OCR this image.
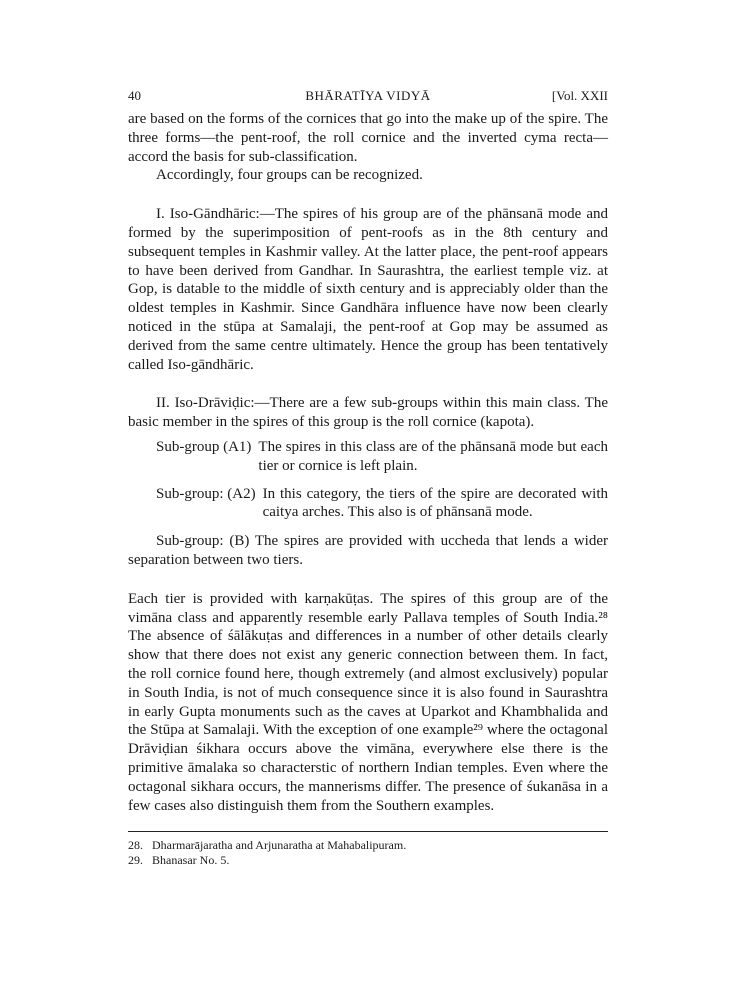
40	BHĀRATĪYA VIDYĀ	[Vol. XXII

are based on the forms of the cornices that go into the make up of the spire. The three forms—the pent-roof, the roll cornice and the inverted cyma recta—accord the basis for sub-classification.

Accordingly, four groups can be recognized.

I. Iso-Gāndhāric:—The spires of his group are of the phānsanā mode and formed by the superimposition of pent-roofs as in the 8th century and subsequent temples in Kashmir valley. At the latter place, the pent-roof appears to have been derived from Gandhar. In Saurashtra, the earliest temple viz. at Gop, is datable to the middle of sixth century and is appreciably older than the oldest temples in Kashmir. Since Gandhāra influence have now been clearly noticed in the stūpa at Samalaji, the pent-roof at Gop may be assumed as derived from the same centre ultimately. Hence the group has been tentatively called Iso-gāndhāric.

II. Iso-Drāviḍic:—There are a few sub-groups within this main class. The basic member in the spires of this group is the roll cornice (kapota).

Sub-group (A1) The spires in this class are of the phānsanā mode but each tier or cornice is left plain.
Sub-group: (A2) In this category, the tiers of the spire are decorated with caitya arches. This also is of phānsanā mode.

Sub-group: (B) The spires are provided with uccheda that lends a wider separation between two tiers.

Each tier is provided with karṇakūṭas. The spires of this group are of the vimāna class and apparently resemble early Pallava temples of South India.²⁸ The absence of śālākuṭas and differences in a number of other details clearly show that there does not exist any generic connection between them. In fact, the roll cornice found here, though extremely (and almost exclusively) popular in South India, is not of much consequence since it is also found in Saurashtra in early Gupta monuments such as the caves at Uparkot and Khambhalida and the Stūpa at Samalaji. With the exception of one example²⁹ where the octagonal Drāviḍian śikhara occurs above the vimāna, everywhere else there is the primitive āmalaka so characterstic of northern Indian temples. Even where the octagonal sikhara occurs, the mannerisms differ. The presence of śukanāsa in a few cases also distinguish them from the Southern examples.

28. Dharmarājaratha and Arjunaratha at Mahabalipuram.

29. Bhanasar No. 5.
